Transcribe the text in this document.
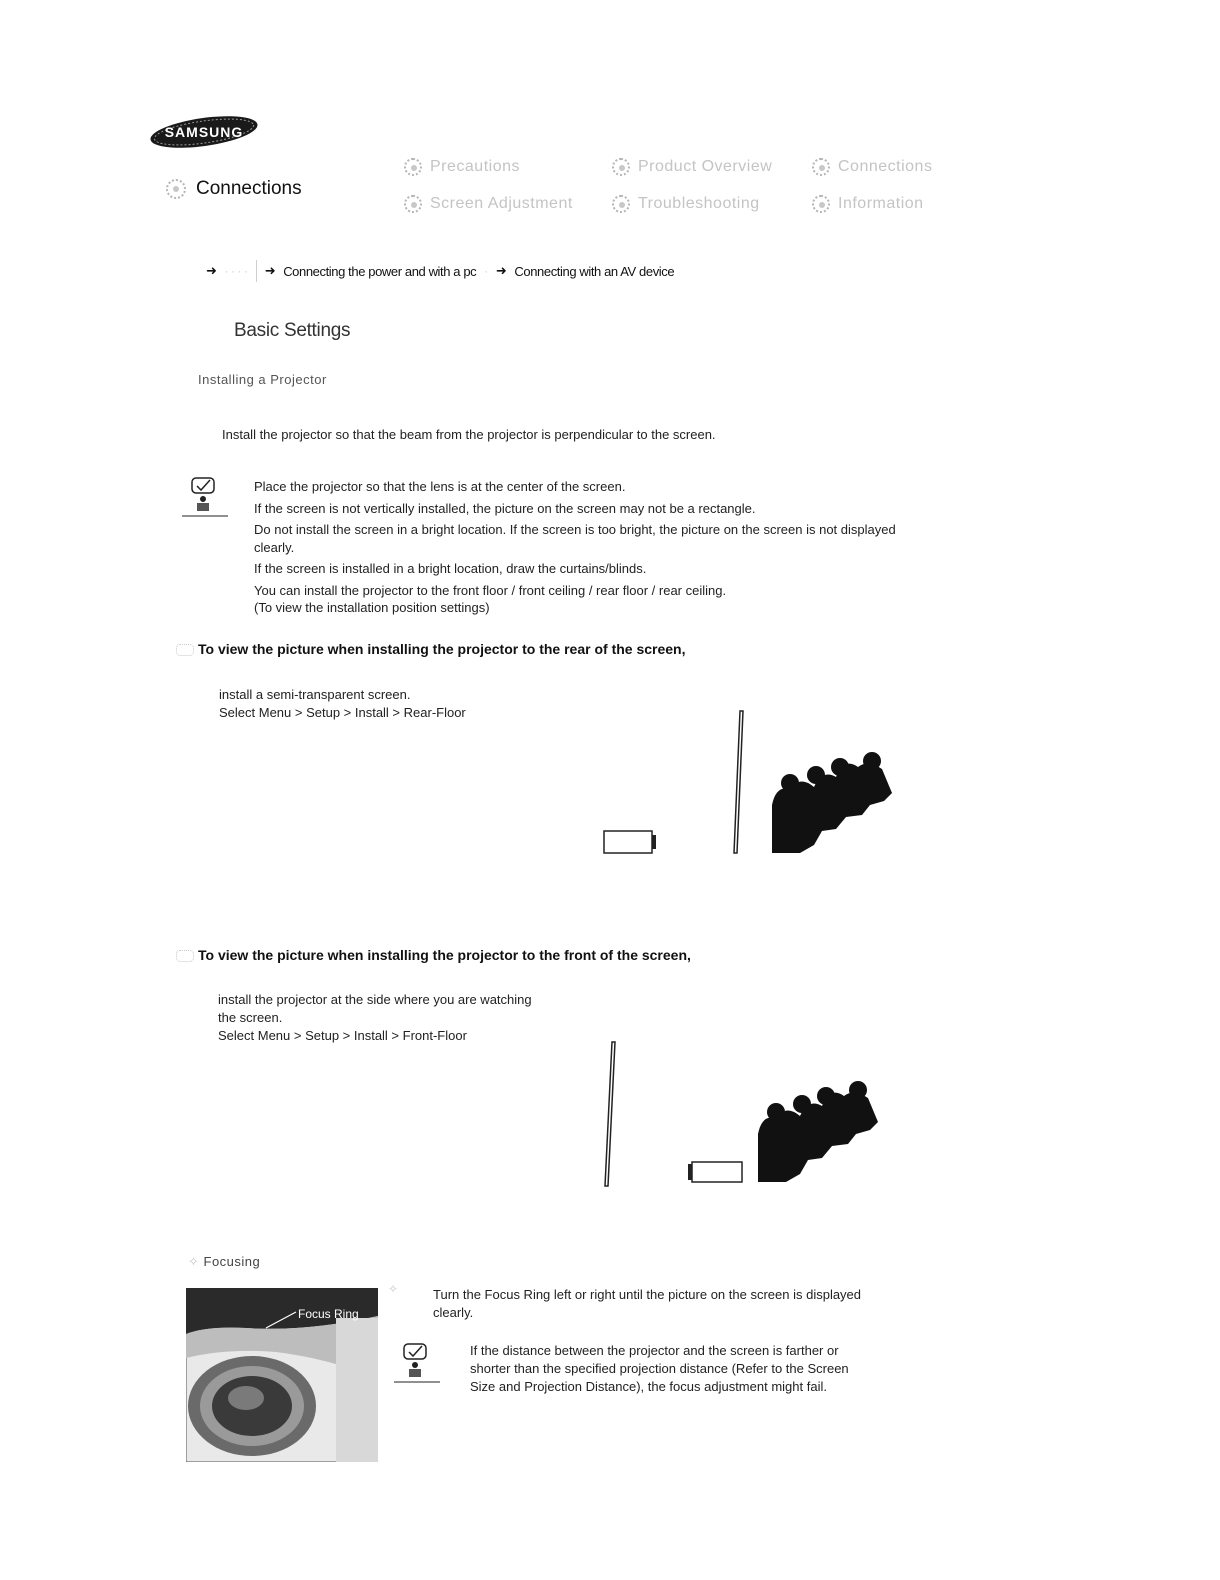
SAMSUNG
Connections
Precautions	Product Overview	Connections
Screen Adjustment	Troubleshooting	Information
➜ · · · · ➜ Connecting the power and with a pc · ➜ Connecting with an AV device
Basic Settings
Installing a Projector
Install the projector so that the beam from the projector is perpendicular to the screen.
Place the projector so that the lens is at the center of the screen.
If the screen is not vertically installed, the picture on the screen may not be a rectangle.
Do not install the screen in a bright location. If the screen is too bright, the picture on the screen is not displayed clearly.
If the screen is installed in a bright location, draw the curtains/blinds.
You can install the projector to the front floor / front ceiling / rear floor / rear ceiling.
(To view the installation position settings)
To view the picture when installing the projector to the rear of the screen,
install a semi-transparent screen.
Select Menu > Setup > Install > Rear-Floor
To view the picture when installing the projector to the front of the screen,
install the projector at the side where you are watching
the screen.
Select Menu > Setup > Install > Front-Floor
✧ Focusing
Focus Ring
✧	Turn the Focus Ring left or right until the picture on the screen is displayed clearly.
If the distance between the projector and the screen is farther or shorter than the specified projection distance (Refer to the Screen Size and Projection Distance), the focus adjustment might fail.
